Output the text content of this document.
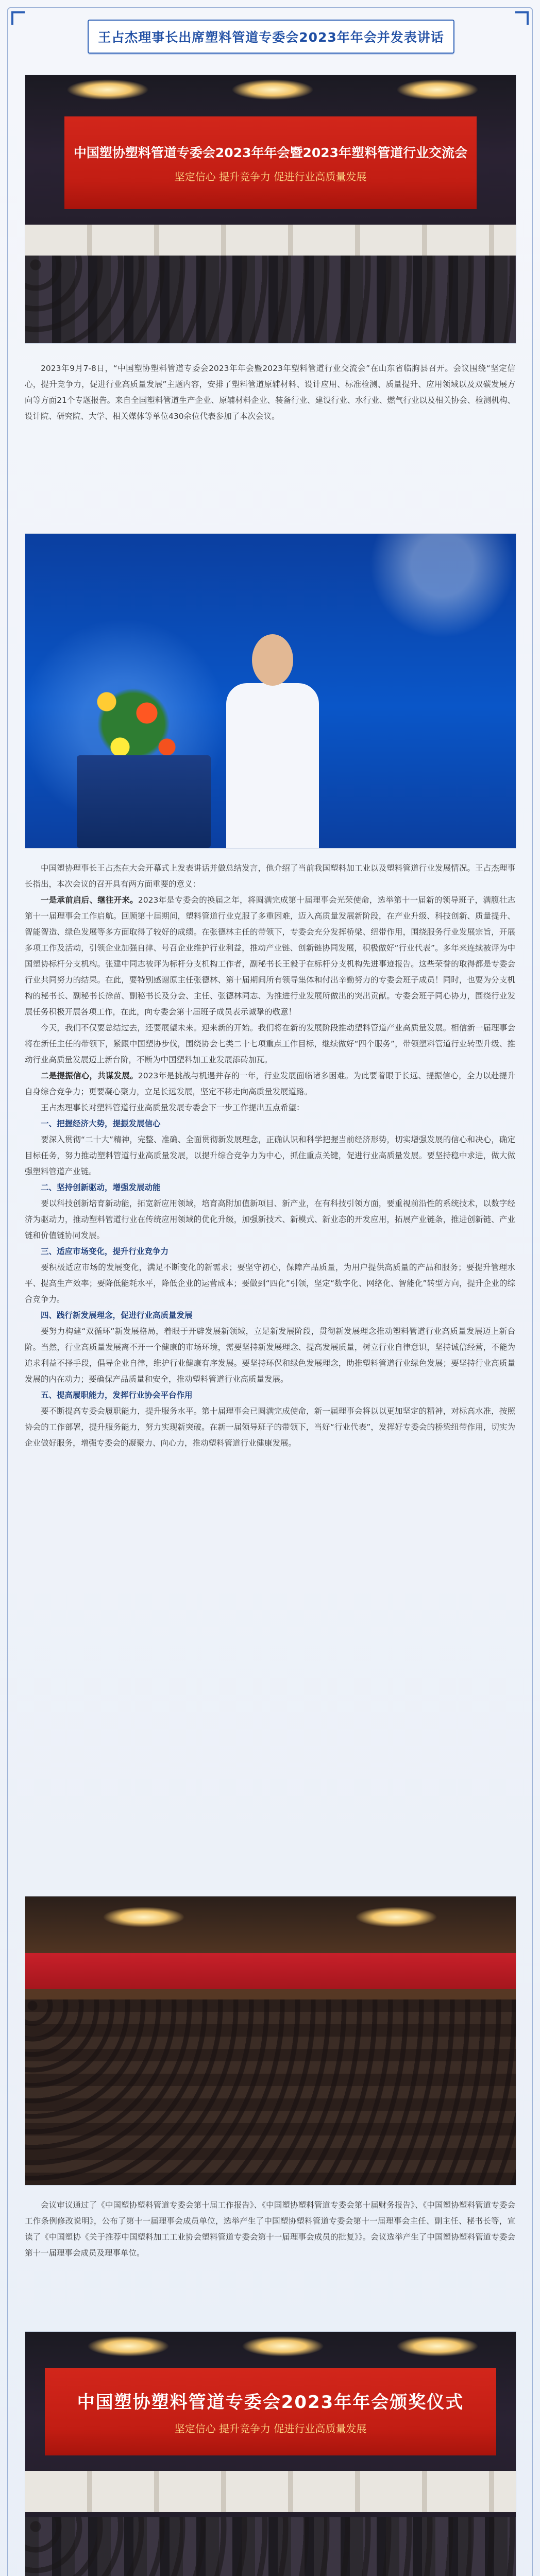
王占杰理事长出席塑料管道专委会2023年年会并发表讲话
中国塑协塑料管道专委会2023年年会暨2023年塑料管道行业交流会
坚定信心 提升竞争力 促进行业高质量发展

2023年9月7-8日，“中国塑协塑料管道专委会2023年年会暨2023年塑料管道行业交流会”在山东省临朐县召开。会议围绕“坚定信心，提升竞争力，促进行业高质量发展”主题内容，安排了塑料管道原辅材料、设计应用、标准检测、质量提升、应用领域以及双碳发展方向等方面21个专题报告。来自全国塑料管道生产企业、原辅材料企业、装备行业、建设行业、水行业、燃气行业以及相关协会、检测机构、设计院、研究院、大学、相关媒体等单位430余位代表参加了本次会议。

中国塑协理事长王占杰在大会开幕式上发表讲话并做总结发言，他介绍了当前我国塑料加工业以及塑料管道行业发展情况。王占杰理事长指出，本次会议的召开具有两方面重要的意义：

一是承前启后、继往开来。2023年是专委会的换届之年，将圆满完成第十届理事会光荣使命，选举第十一届新的领导班子，满腹壮志第十一届理事会工作启航。回顾第十届期间，塑料管道行业克服了多重困难，迈入高质量发展新阶段，在产业升级、科技创新、质量提升、智能智造、绿色发展等多方面取得了较好的成绩。在张德林主任的带领下，专委会充分发挥桥梁、纽带作用，围绕服务行业发展宗旨，开展多项工作及活动，引领企业加强自律、号召企业维护行业利益，推动产业链、创新链协同发展，积极做好“行业代表”。多年来连续被评为中国塑协标杆分支机构。张建中同志被评为标杆分支机构工作者，副秘书长王毅于在标杆分支机构先进事迹报告。这些荣誉的取得都是专委会行业共同努力的结果。在此，要特别感谢原主任张德林、第十届期间所有领导集体和付出辛勤努力的专委会班子成员！同时，也要为分支机构的秘书长、副秘书长徐苗、副秘书长及分会、主任、张德林同志、为推进行业发展所做出的突出贡献。专委会班子同心协力，围绕行业发展任务积极开展各项工作，在此，向专委会第十届班子成员表示诚挚的敬意！

今天，我们不仅要总结过去，还要展望未来。迎来新的开始。我们将在新的发展阶段推动塑料管道产业高质量发展。相信新一届理事会将在新任主任的带领下，紧跟中国塑协步伐，围绕协会七类二十七项重点工作目标，继续做好“四个服务”，带领塑料管道行业转型升级、推动行业高质量发展迈上新台阶，不断为中国塑料加工业发展添砖加瓦。

二是提振信心，共谋发展。2023年是挑战与机遇并存的一年，行业发展面临诸多困难。为此要着眼于长远、提振信心，全力以赴提升自身综合竞争力；更要凝心聚力，立足长远发展，坚定不移走向高质量发展道路。

王占杰理事长对塑料管道行业高质量发展专委会下一步工作提出五点希望：

一、把握经济大势，提振发展信心

要深入贯彻“二十大”精神，完整、准确、全面贯彻新发展理念，正确认识和科学把握当前经济形势，切实增强发展的信心和决心，确定目标任务，努力推动塑料管道行业高质量发展，以提升综合竞争力为中心，抓住重点关键，促进行业高质量发展。要坚持稳中求进，做大做强塑料管道产业链。

二、坚持创新驱动，增强发展动能

要以科技创新培育新动能，拓宽新应用领域，培育高附加值新项目、新产业，在有科技引领方面，要重视前沿性的系统技术，以数字经济为驱动力，推动塑料管道行业在传统应用领域的优化升级，加强新技术、新模式、新业态的开发应用，拓展产业链条，推进创新链、产业链和价值链协同发展。

三、适应市场变化，提升行业竞争力

要积极适应市场的发展变化，满足不断变化的新需求；要坚守初心，保障产品质量，为用户提供高质量的产品和服务；要提升管理水平、提高生产效率；要降低能耗水平，降低企业的运营成本；要做到“四化”引领，坚定“数字化、网络化、智能化”转型方向，提升企业的综合竞争力。

四、践行新发展理念，促进行业高质量发展

要努力构建“双循环”新发展格局，着眼于开辟发展新领域，立足新发展阶段，贯彻新发展理念推动塑料管道行业高质量发展迈上新台阶。当然，行业高质量发展离不开一个健康的市场环境，需要坚持新发展理念、提高发展质量，树立行业自律意识，坚持诚信经营，不能为追求利益不择手段，倡导企业自律，维护行业健康有序发展。要坚持环保和绿色发展理念，助推塑料管道行业绿色发展；要坚持行业高质量发展的内在动力；要确保产品质量和安全，推动塑料管道行业高质量发展。

五、提高履职能力，发挥行业协会平台作用

要不断提高专委会履职能力，提升服务水平。第十届理事会已圆满完成使命，新一届理事会将以以更加坚定的精神，对标高水准，按照协会的工作部署，提升服务能力，努力实现新突破。在新一届领导班子的带领下，当好“行业代表”，发挥好专委会的桥梁纽带作用，切实为企业做好服务，增强专委会的凝聚力、向心力，推动塑料管道行业健康发展。

会议审议通过了《中国塑协塑料管道专委会第十届工作报告》、《中国塑协塑料管道专委会第十届财务报告》、《中国塑协塑料管道专委会工作条例修改说明》，公布了第十一届理事会成员单位，选举产生了中国塑协塑料管道专委会第十一届理事会主任、副主任、秘书长等，宣读了《中国塑协《关于推荐中国塑料加工工业协会塑料管道专委会第十一届理事会成员的批复》》。会议选举产生了中国塑协塑料管道专委会第十一届理事会成员及理事单位。

中国塑协塑料管道专委会2023年年会颁奖仪式
坚定信心 提升竞争力 促进行业高质量发展
